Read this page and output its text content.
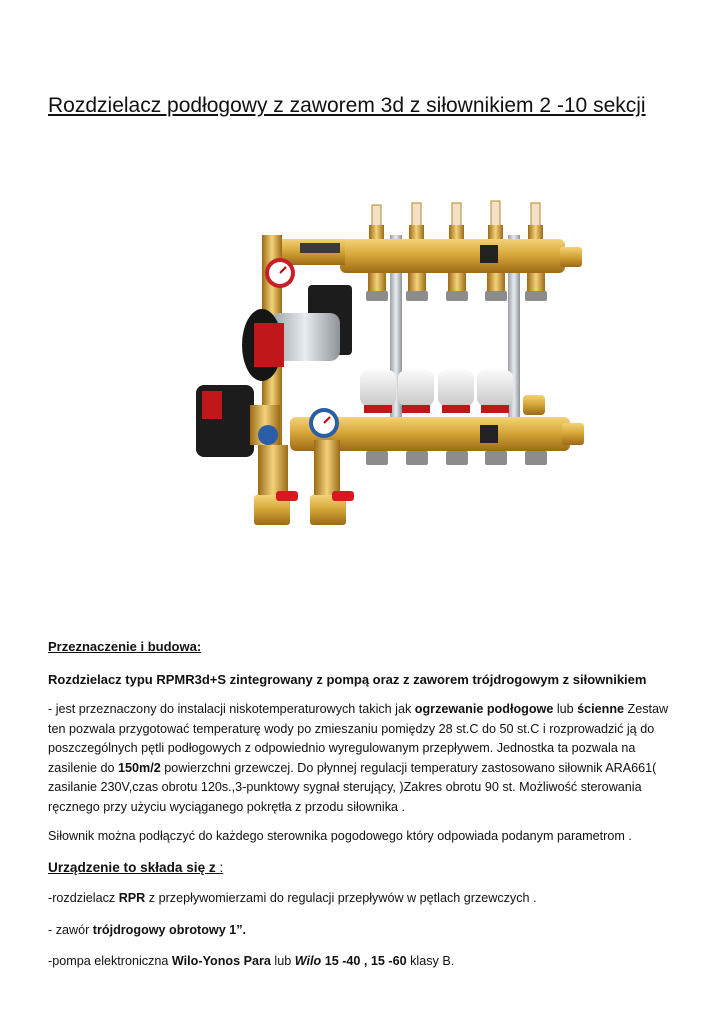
Rozdzielacz podłogowy z zaworem 3d z siłownikiem 2 -10 sekcji
Przeznaczenie i budowa:
Rozdzielacz typu RPMR3d+S zintegrowany z pompą oraz z zaworem trójdrogowym z siłownikiem
- jest przeznaczony do instalacji niskotemperaturowych takich jak ogrzewanie podłogowe lub ścienne Zestaw ten pozwala przygotować temperaturę wody po zmieszaniu pomiędzy 28 st.C do 50 st.C i rozprowadzić ją do poszczególnych pętli podłogowych z odpowiednio wyregulowanym przepływem. Jednostka ta pozwala na zasilenie do 150m/2 powierzchni grzewczej. Do płynnej regulacji temperatury zastosowano siłownik ARA661( zasilanie 230V,czas obrotu 120s.,3-punktowy sygnał sterujący, )Zakres obrotu 90 st. Możliwość sterowania ręcznego przy użyciu wyciąganego pokrętła z przodu siłownika .
Siłownik można podłączyć do każdego sterownika pogodowego który odpowiada podanym parametrom .
Urządzenie to składa się z :
-rozdzielacz RPR z przepływomierzami do regulacji przepływów w pętlach grzewczych .
- zawór trójdrogowy obrotowy 1”.
-pompa elektroniczna Wilo-Yonos Para lub Wilo 15 -40 , 15 -60 klasy B.
